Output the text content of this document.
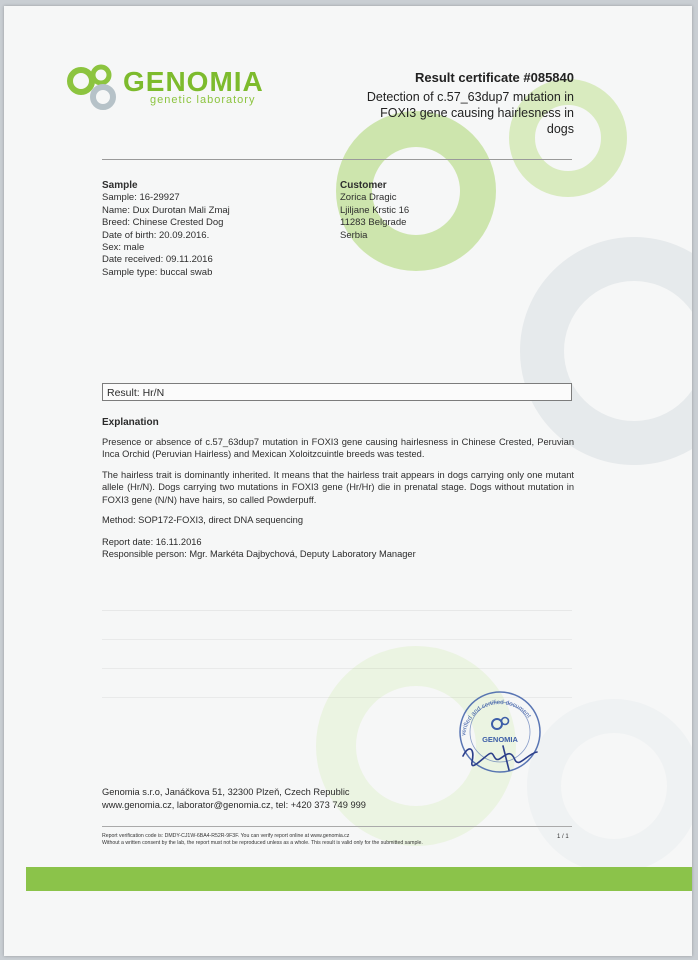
GENOMIA
genetic laboratory
Result certificate #085840
Detection of c.57_63dup7 mutation in FOXI3 gene causing hairlesness in dogs
Sample
Sample: 16-29927
Name: Dux Durotan Mali Zmaj
Breed: Chinese Crested Dog
Date of birth: 20.09.2016.
Sex: male
Date received: 09.11.2016
Sample type: buccal swab
Customer
Zorica Dragic
Ljiljane Krstic 16
11283 Belgrade
Serbia
Result: Hr/N
Explanation
Presence or absence of c.57_63dup7 mutation in FOXI3 gene causing hairlesness in Chinese Crested, Peruvian Inca Orchid (Peruvian Hairless) and Mexican Xoloitzcuintle breeds was tested.
The hairless trait is dominantly inherited. It means that the hairless trait appears in dogs carrying only one mutant allele (Hr/N). Dogs carrying two mutations in FOXI3 gene (Hr/Hr) die in prenatal stage. Dogs without mutation in FOXI3 gene (N/N) have hairs, so called Powderpuff.
Method: SOP172-FOXI3, direct DNA sequencing
Report date: 16.11.2016
Responsible person: Mgr. Markéta Dajbychová, Deputy Laboratory Manager
verified and certified document
GENOMIA
Genomia s.r.o, Janáčkova 51, 32300 Plzeň, Czech Republic
www.genomia.cz, laborator@genomia.cz, tel: +420 373 749 999
Report verification code is: DMDY-CJ1W-6BA4-R52R-9F3F. You can verify report online at www.genomia.cz
Without a written consent by the lab, the report must not be reproduced unless as a whole. This result is valid only for the submitted sample.
1 / 1
